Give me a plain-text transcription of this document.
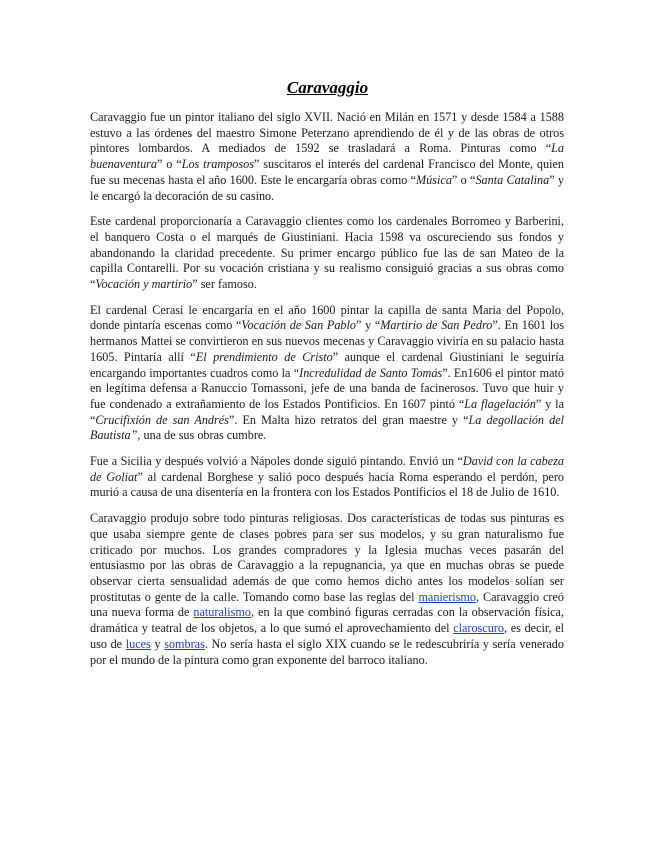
Caravaggio

Caravaggio fue un pintor italiano del siglo XVII. Nació en Milán en 1571 y desde 1584 a 1588 estuvo a las órdenes del maestro Simone Peterzano aprendiendo de él y de las obras de otros pintores lombardos. A mediados de 1592 se trasladará a Roma. Pinturas como “La buenaventura” o “Los tramposos” suscitaros el interés del cardenal Francisco del Monte, quien fue su mecenas hasta el año 1600. Este le encargaría obras como “Música” o “Santa Catalina” y le encargó la decoración de su casino.

Este cardenal proporcionaría a Caravaggio clientes como los cardenales Borromeo y Barberini, el banquero Costa o el marqués de Giustiniani. Hacia 1598 va oscureciendo sus fondos y abandonando la claridad precedente. Su primer encargo público fue las de san Mateo de la capilla Contarelli. Por su vocación cristiana y su realismo consiguió gracias a sus obras como “Vocación y martirio” ser famoso.

El cardenal Cerasi le encargaría en el año 1600 pintar la capilla de santa Maria del Popolo, donde pintaría escenas como “Vocación de San Pablo” y “Martirio de San Pedro”. En 1601 los hermanos Mattei se convirtieron en sus nuevos mecenas y Caravaggio viviría en su palacio hasta 1605. Pintaría allí “El prendimiento de Cristo” aunque el cardenal Giustiniani le seguiría encargando importantes cuadros como la “Incredulidad de Santo Tomás”. En1606 el pintor mató en legítima defensa a Ranuccio Tomassoni, jefe de una banda de facinerosos. Tuvo que huir y fue condenado a extrañamiento de los Estados Pontificios. En 1607 pintó “La flagelación” y la “Crucifixión de san Andrés”. En Malta hizo retratos del gran maestre y “La degollación del Bautista”, una de sus obras cumbre.

Fue a Sicilia y después volvió a Nápoles donde siguió pintando. Envió un “David con la cabeza de Goliat” al cardenal Borghese y salió poco después hacia Roma esperando el perdón, pero murió a causa de una disentería en la frontera con los Estados Pontificios el 18 de Julio de 1610.

Caravaggio produjo sobre todo pinturas religiosas. Dos características de todas sus pinturas es que usaba siempre gente de clases pobres para ser sus modelos, y su gran naturalismo fue criticado por muchos. Los grandes compradores y la Iglesia muchas veces pasarán del entusiasmo por las obras de Caravaggio a la repugnancia, ya que en muchas obras se puede observar cierta sensualidad además de que como hemos dicho antes los modelos solían ser prostitutas o gente de la calle. Tomando como base las reglas del manierismo, Caravaggio creó una nueva forma de naturalismo, en la que combinó figuras cerradas con la observación física, dramática y teatral de los objetos, a lo que sumó el aprovechamiento del claroscuro, es decir, el uso de luces y sombras. No sería hasta el siglo XIX cuando se le redescubriría y sería venerado por el mundo de la pintura como gran exponente del barroco italiano.
